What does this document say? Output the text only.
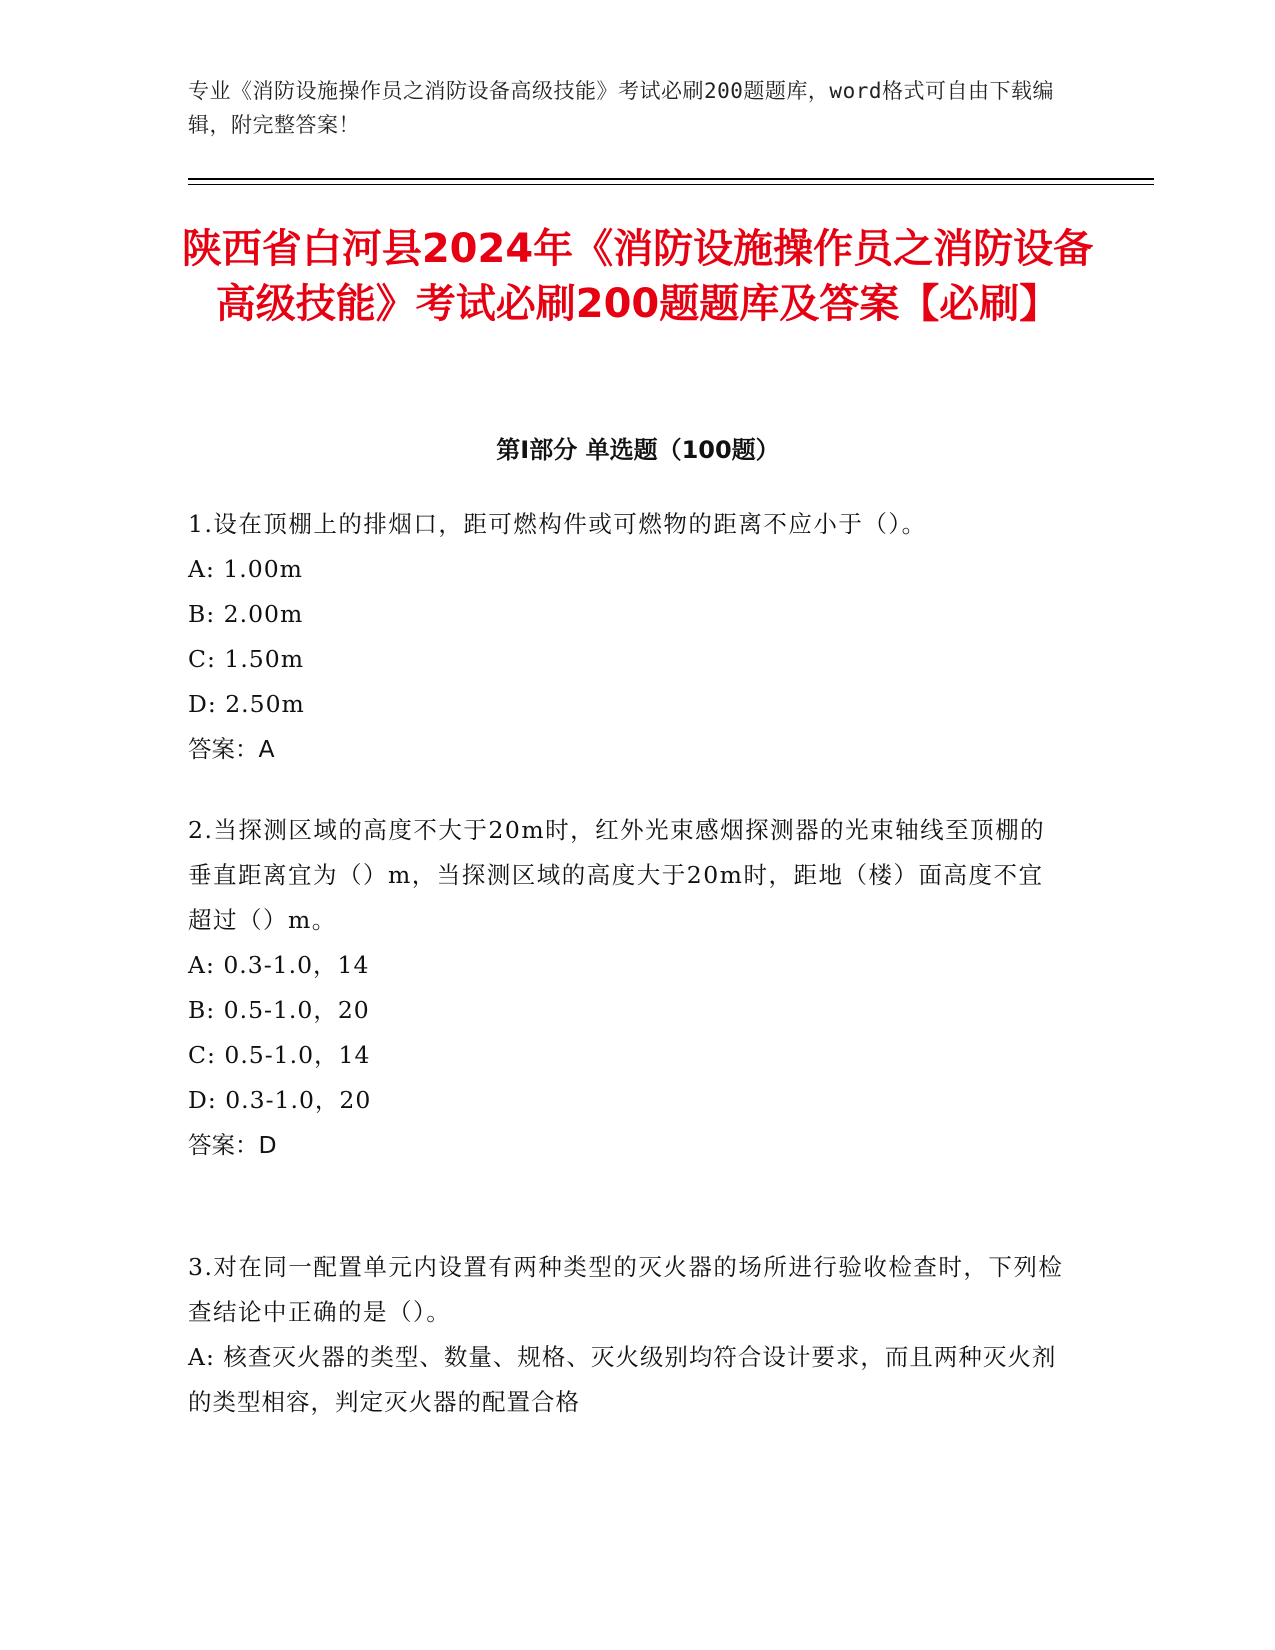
专业《消防设施操作员之消防设备高级技能》考试必刷200题题库，word格式可自由下载编辑，附完整答案！
陕西省白河县2024年《消防设施操作员之消防设备高级技能》考试必刷200题题库及答案【必刷】
第Ⅰ部分 单选题（100题）

1.设在顶棚上的排烟口，距可燃构件或可燃物的距离不应小于（）。

A: 1.00m

B: 2.00m

C: 1.50m

D: 2.50m

答案：A

2.当探测区域的高度不大于20m时，红外光束感烟探测器的光束轴线至顶棚的垂直距离宜为（）m，当探测区域的高度大于20m时，距地（楼）面高度不宜超过（）m。

A: 0.3-1.0，14

B: 0.5-1.0，20

C: 0.5-1.0，14

D: 0.3-1.0，20

答案：D

3.对在同一配置单元内设置有两种类型的灭火器的场所进行验收检查时，下列检查结论中正确的是（）。

A: 核查灭火器的类型、数量、规格、灭火级别均符合设计要求，而且两种灭火剂的类型相容，判定灭火器的配置合格
